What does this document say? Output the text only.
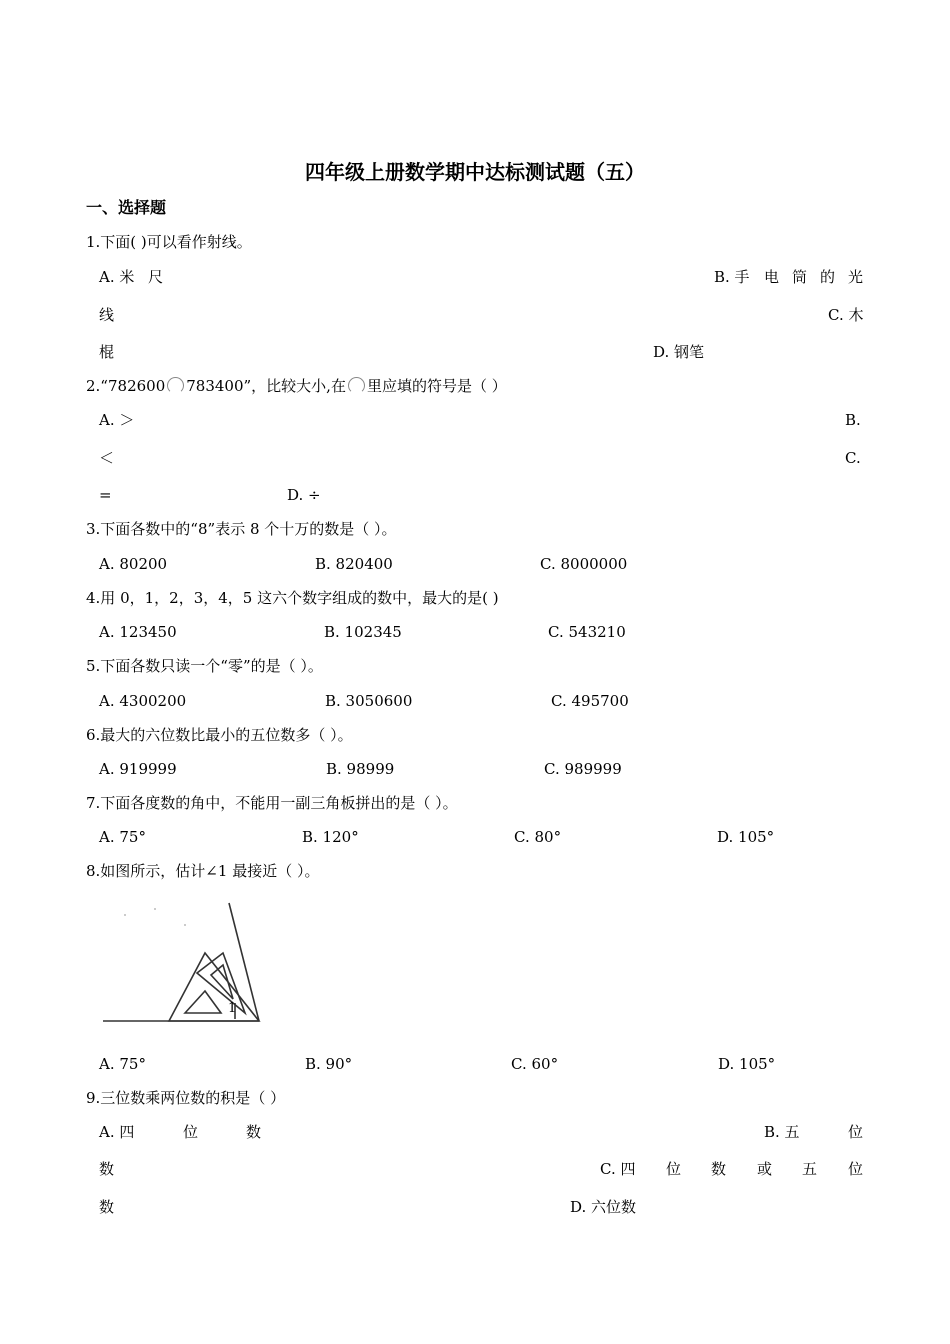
四年级上册数学期中达标测试题（五）
一、选择题
1.下面( )可以看作射线。
A. 米 尺	B. 手 电 筒 的 光
线	C. 木
棍	D. 钢笔
2.“782600 783400”，比较大小,在 里应填的符号是（ ）
A. ＞	B.
＜	C.
=	D. ÷
3.下面各数中的“8”表示 8 个十万的数是（ ）。
A. 80200	B. 820400	C. 8000000
4.用 0，1，2，3，4，5 这六个数字组成的数中，最大的是( )
A. 123450	B. 102345	C. 543210
5.下面各数只读一个“零”的是（ ）。
A. 4300200	B. 3050600	C. 495700
6.最大的六位数比最小的五位数多（ ）。
A. 919999	B. 98999	C. 989999
7.下面各度数的角中，不能用一副三角板拼出的是（ ）。
A. 75°	B. 120°	C. 80°	D. 105°
8.如图所示，估计∠1 最接近（ ）。
1
A. 75°	B. 90°	C. 60°	D. 105°
9.三位数乘两位数的积是（ ）
A. 四	位	数	B. 五	位
数	C. 四 位 数 或 五 位
数	D. 六位数
